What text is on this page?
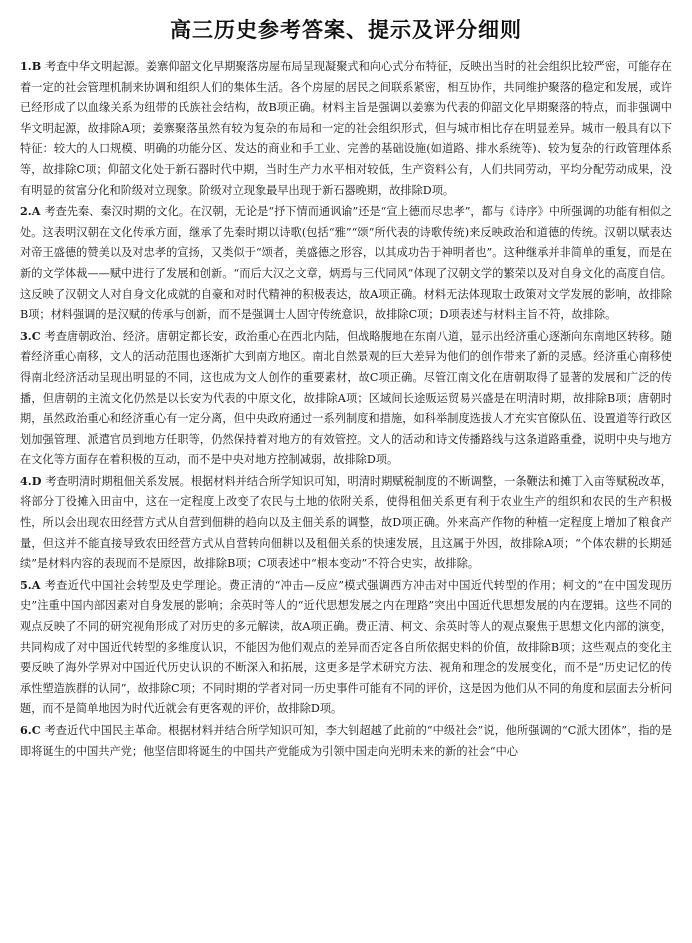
高三历史参考答案、提示及评分细则

1.B 考查中华文明起源。姜寨仰韶文化早期聚落房屋布局呈现凝聚式和向心式分布特征，反映出当时的社会组织比较严密，可能存在着一定的社会管理机制来协调和组织人们的集体生活。各个房屋的居民之间联系紧密，相互协作，共同维护聚落的稳定和发展，或许已经形成了以血缘关系为纽带的氏族社会结构，故B项正确。材料主旨是强调以姜寨为代表的仰韶文化早期聚落的特点，而非强调中华文明起源，故排除A项；姜寨聚落虽然有较为复杂的布局和一定的社会组织形式，但与城市相比存在明显差异。城市一般具有以下特征：较大的人口规模、明确的功能分区、发达的商业和手工业、完善的基础设施(如道路、排水系统等)、较为复杂的行政管理体系等，故排除C项；仰韶文化处于新石器时代中期，当时生产力水平相对较低，生产资料公有，人们共同劳动，平均分配劳动成果，没有明显的贫富分化和阶级对立现象。阶级对立现象最早出现于新石器晚期，故排除D项。

2.A 考查先秦、秦汉时期的文化。在汉朝，无论是“抒下情而通讽谕”还是“宣上德而尽忠孝”，都与《诗序》中所强调的功能有相似之处。这表明汉朝在文化传承方面，继承了先秦时期以诗歌(包括“雅”“颂”所代表的诗歌传统)来反映政治和道德的传统。汉朝以赋表达对帝王盛德的赞美以及对忠孝的宣扬，又类似于“颂者，美盛德之形容，以其成功告于神明者也”。这种继承并非简单的重复，而是在新的文学体裁——赋中进行了发展和创新。“而后大汉之文章，炳焉与三代同风”体现了汉朝文学的繁荣以及对自身文化的高度自信。这反映了汉朝文人对自身文化成就的自豪和对时代精神的积极表达，故A项正确。材料无法体现取士政策对文学发展的影响，故排除B项；材料强调的是汉赋的传承与创新，而不是强调士人固守传统意识，故排除C项；D项表述与材料主旨不符，故排除。

3.C 考查唐朝政治、经济。唐朝定都长安，政治重心在西北内陆，但战略腹地在东南八道，显示出经济重心逐渐向东南地区转移。随着经济重心南移，文人的活动范围也逐渐扩大到南方地区。南北自然景观的巨大差异为他们的创作带来了新的灵感。经济重心南移使得南北经济活动呈现出明显的不同，这也成为文人创作的重要素材，故C项正确。尽管江南文化在唐朝取得了显著的发展和广泛的传播，但唐朝的主流文化仍然是以长安为代表的中原文化，故排除A项；区域间长途贩运贸易兴盛是在明清时期，故排除B项；唐朝时期，虽然政治重心和经济重心有一定分离，但中央政府通过一系列制度和措施，如科举制度选拔人才充实官僚队伍、设置道等行政区划加强管理、派遣官员到地方任职等，仍然保持着对地方的有效管控。文人的活动和诗文传播路线与这条道路重叠，说明中央与地方在文化等方面存在着积极的互动，而不是中央对地方控制减弱，故排除D项。

4.D 考查明清时期租佃关系发展。根据材料并结合所学知识可知，明清时期赋税制度的不断调整，一条鞭法和摊丁入亩等赋税改革，将部分丁役摊入田亩中，这在一定程度上改变了农民与土地的依附关系，使得租佃关系更有利于农业生产的组织和农民的生产积极性，所以会出现农田经营方式从自营到佃耕的趋向以及主佃关系的调整，故D项正确。外来高产作物的种植一定程度上增加了粮食产量，但这并不能直接导致农田经营方式从自营转向佃耕以及租佃关系的快速发展，且这属于外因，故排除A项；“个体农耕的长期延续”是材料内容的表现而不是原因，故排除B项；C项表述中“根本变动”不符合史实，故排除。

5.A 考查近代中国社会转型及史学理论。费正清的“冲击—反应”模式强调西方冲击对中国近代转型的作用；柯文的“在中国发现历史”注重中国内部因素对自身发展的影响；余英时等人的“近代思想发展之内在理路”突出中国近代思想发展的内在逻辑。这些不同的观点反映了不同的研究视角形成了对历史的多元解读，故A项正确。费正清、柯文、余英时等人的观点聚焦于思想文化内部的演变，共同构成了对中国近代转型的多维度认识，不能因为他们观点的差异而否定各自所依据史料的价值，故排除B项；这些观点的变化主要反映了海外学界对中国近代历史认识的不断深入和拓展，这更多是学术研究方法、视角和理念的发展变化，而不是“历史记忆的传承性塑造族群的认同”，故排除C项；不同时期的学者对同一历史事件可能有不同的评价，这是因为他们从不同的角度和层面去分析问题，而不是简单地因为时代近就会有更客观的评价，故排除D项。

6.C 考查近代中国民主革命。根据材料并结合所学知识可知，李大钊超越了此前的“中级社会”说，他所强调的“C派大团体”，指的是即将诞生的中国共产党；他坚信即将诞生的中国共产党能成为引领中国走向光明未来的新的社会“中心
